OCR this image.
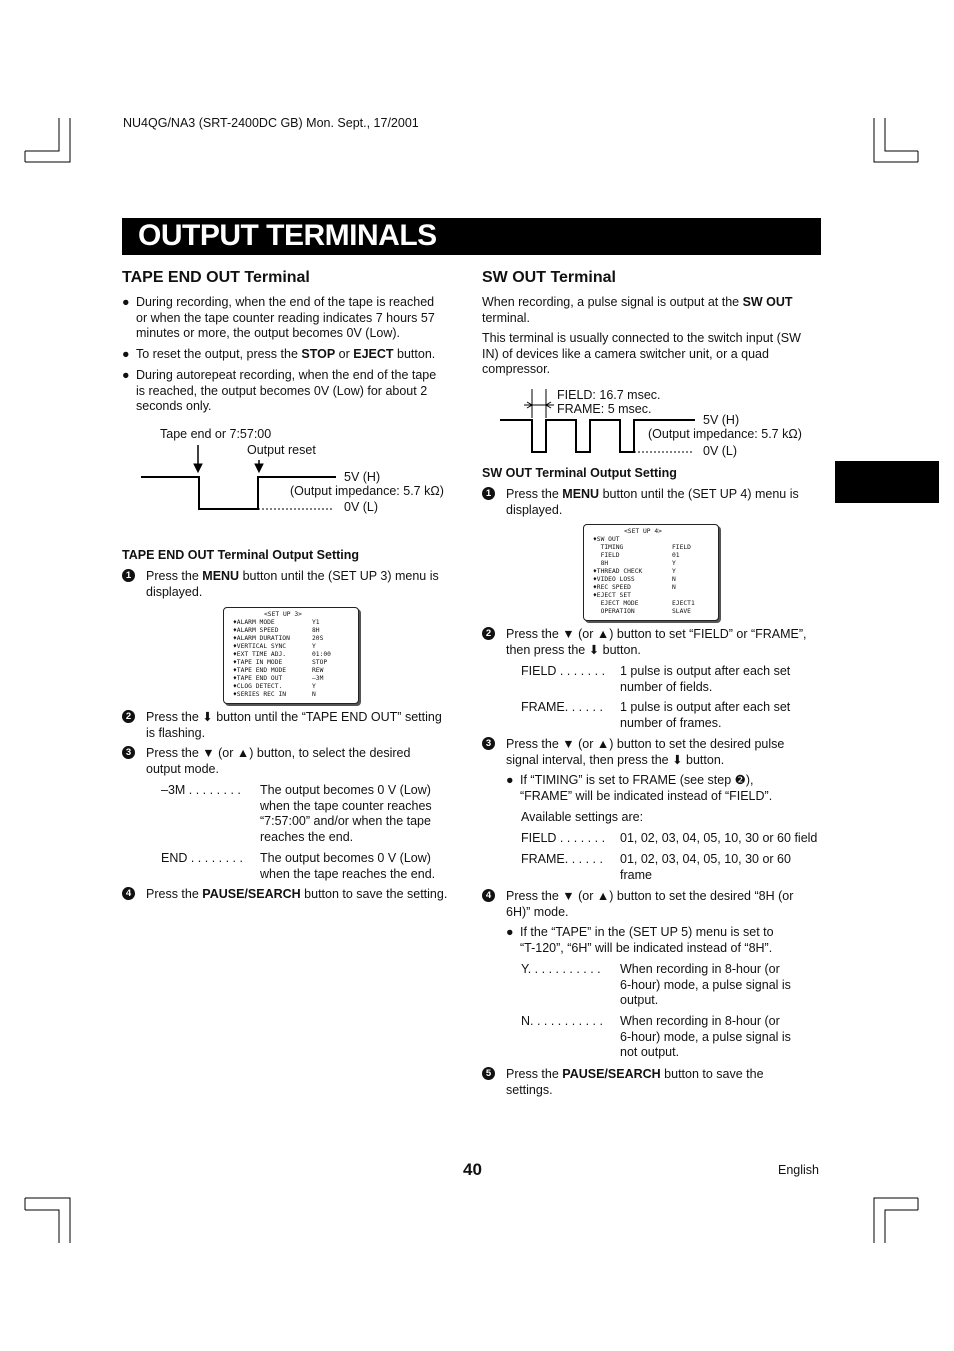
NU4QG/NA3 (SRT-2400DC GB) Mon. Sept., 17/2001
OUTPUT TERMINALS
TAPE END OUT Terminal
● During recording, when the end of the tape is reached
or when the tape counter reading indicates 7 hours 57
minutes or more, the output becomes 0V (Low).
● To reset the output, press the STOP or EJECT button.
● During autorepeat recording, when the end of the tape
is reached, the output becomes 0V (Low) for about 2
seconds only.
Tape end or 7:57:00
Output reset
5V (H)
(Output impedance: 5.7 kΩ)
0V (L)
TAPE END OUT Terminal Output Setting
1	Press the MENU button until the (SET UP 3) menu is
displayed.
<SET UP 3>
♦ALARM MODE	Y1
♦ALARM SPEED	8H
♦ALARM DURATION	20S
♦VERTICAL SYNC	Y
♦EXT TIME ADJ.	01:00
♦TAPE IN MODE	STOP
♦TAPE END MODE	REW
♦TAPE END OUT	–3M
♦CLOG DETECT.	Y
♦SERIES REC IN	N
2	Press the ⬇ button until the “TAPE END OUT” setting
is flashing.
3	Press the ▼ (or ▲) button, to select the desired
output mode.
–3M . . . . . . . . The output becomes 0 V (Low)
when the tape counter reaches
“7:57:00” and/or when the tape
reaches the end.
END . . . . . . . . The output becomes 0 V (Low)
when the tape reaches the end.
4	Press the PAUSE/SEARCH button to save the setting.
SW OUT Terminal
When recording, a pulse signal is output at the SW OUT
terminal.
This terminal is usually connected to the switch input (SW
IN) of devices like a camera switcher unit, or a quad
compressor.
FIELD: 16.7 msec.
FRAME: 5 msec.
5V (H)
(Output impedance: 5.7 kΩ)
0V (L)
SW OUT Terminal Output Setting
1	Press the MENU button until the (SET UP 4) menu is
displayed.
<SET UP 4>
♦SW OUT
TIMING	FIELD
FIELD	01
8H	Y
♦THREAD CHECK	Y
♦VIDEO LOSS	N
♦REC SPEED	N
♦EJECT SET
EJECT MODE	EJECT1
OPERATION	SLAVE
2	Press the ▼ (or ▲) button to set “FIELD” or “FRAME”,
then press the ⬇ button.
FIELD . . . . . . . 1 pulse is output after each set
number of fields.
FRAME. . . . . . 1 pulse is output after each set
number of frames.
3	Press the ▼ (or ▲) button to set the desired pulse
signal interval, then press the ⬇ button.
● If “TIMING” is set to FRAME (see step ❷),
“FRAME” will be indicated instead of “FIELD”.
Available settings are:
FIELD . . . . . . . 01, 02, 03, 04, 05, 10, 30 or 60 field
FRAME. . . . . . 01, 02, 03, 04, 05, 10, 30 or 60
frame
4	Press the ▼ (or ▲) button to set the desired “8H (or
6H)” mode.
● If the “TAPE” in the (SET UP 5) menu is set to
“T-120”, “6H” will be indicated instead of “8H”.
Y. . . . . . . . . . . When recording in 8-hour (or
6-hour) mode, a pulse signal is
output.
N. . . . . . . . . . . When recording in 8-hour (or
6-hour) mode, a pulse signal is
not output.
5	Press the PAUSE/SEARCH button to save the
settings.
40	English
